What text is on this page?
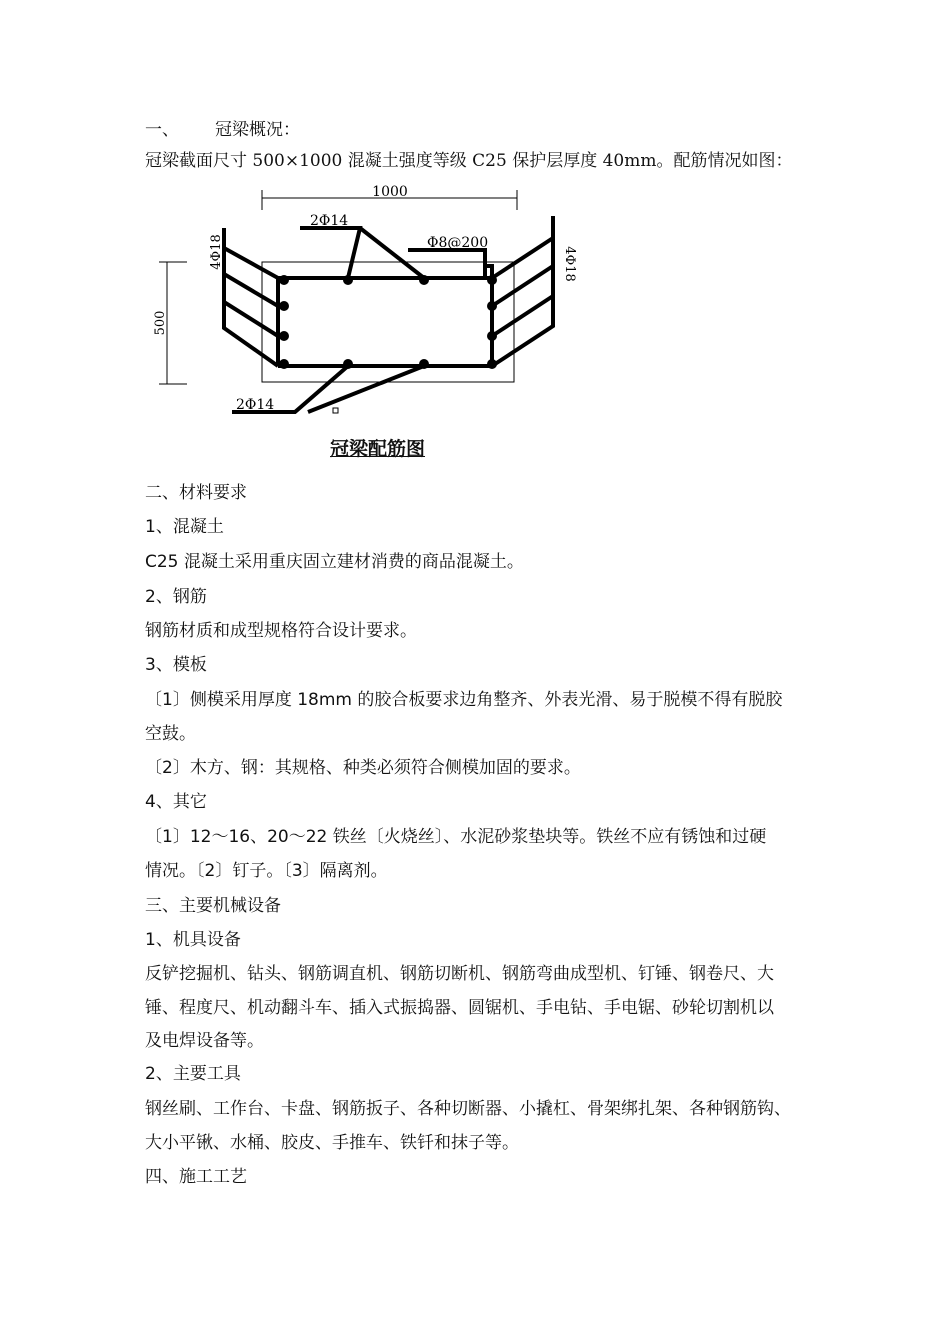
一、 冠梁概况：
冠梁截面尺寸 500×1000 混凝土强度等级 C25 保护层厚度 40mm。配筋情况如图：
1000
500
2Φ14
Φ8@200
4Φ18	4Φ18
2Φ14
冠梁配筋图
二、材料要求
1、混凝土
C25 混凝土采用重庆固立建材消费的商品混凝土。
2、钢筋
钢筋材质和成型规格符合设计要求。
3、模板
〔1〕侧模采用厚度 18mm 的胶合板要求边角整齐、外表光滑、易于脱模不得有脱胶
空鼓。
〔2〕木方、钢：其规格、种类必须符合侧模加固的要求。
4、其它
〔1〕12～16、20～22 铁丝〔火烧丝〕、水泥砂浆垫块等。铁丝不应有锈蚀和过硬
情况。〔2〕钉子。〔3〕隔离剂。
三、主要机械设备
1、机具设备
反铲挖掘机、钻头、钢筋调直机、钢筋切断机、钢筋弯曲成型机、钉锤、钢卷尺、大
锤、程度尺、机动翻斗车、插入式振捣器、圆锯机、手电钻、手电锯、砂轮切割机以
及电焊设备等。
2、主要工具
钢丝刷、工作台、卡盘、钢筋扳子、各种切断器、小撬杠、骨架绑扎架、各种钢筋钩、
大小平锹、水桶、胶皮、手推车、铁钎和抹子等。
四、施工工艺
